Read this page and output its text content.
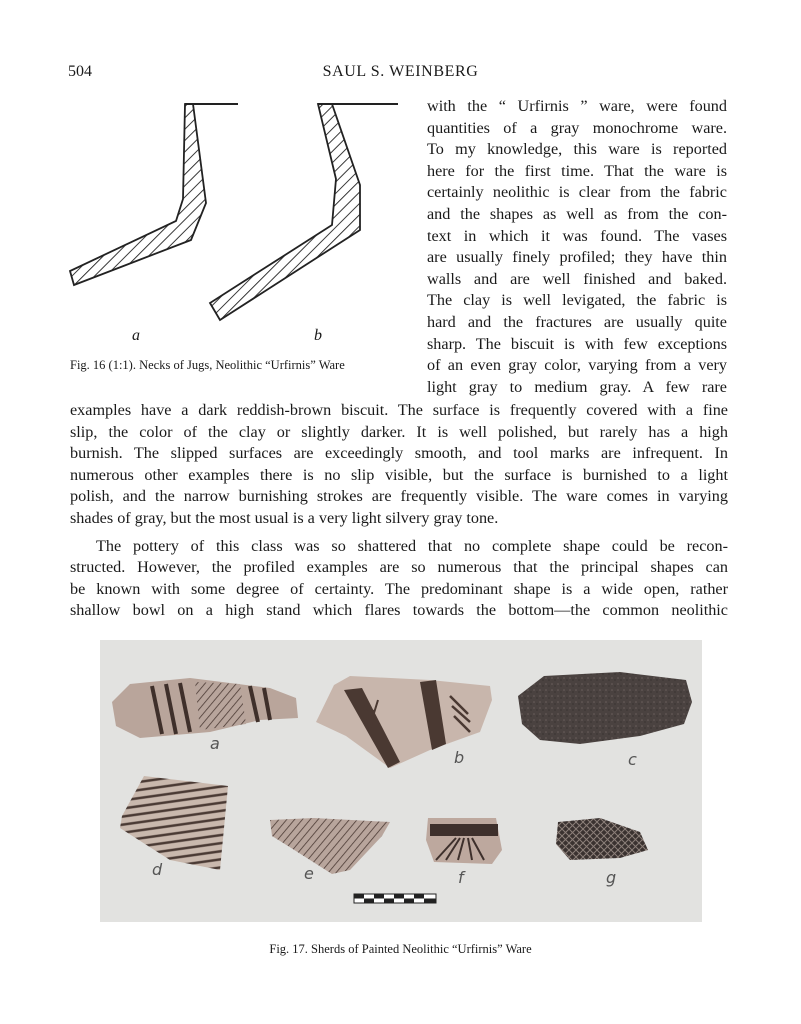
504	SAUL S. WEINBERG
a	b
Fig. 16 (1:1). Necks of Jugs, Neolithic “Urfirnis” Ware
with the “ Urfirnis ” ware, were found
quantities of a gray monochrome ware.
To my knowledge, this ware is reported
here for the first time. That the ware is
certainly neolithic is clear from the fabric
and the shapes as well as from the con-
text in which it was found. The vases
are usually finely profiled; they have thin
walls and are well finished and baked.
The clay is well levigated, the fabric is
hard and the fractures are usually quite
sharp. The biscuit is with few exceptions
of an even gray color, varying from a very
light gray to medium gray. A few rare
examples have a dark reddish-brown biscuit. The surface is frequently covered with a fine
slip, the color of the clay or slightly darker. It is well polished, but rarely has a high
burnish. The slipped surfaces are exceedingly smooth, and tool marks are infrequent. In
numerous other examples there is no slip visible, but the surface is burnished to a light
polish, and the narrow burnishing strokes are frequently visible. The ware comes in varying
shades of gray, but the most usual is a very light silvery gray tone.
The pottery of this class was so shattered that no complete shape could be recon-
structed. However, the profiled examples are so numerous that the principal shapes can
be known with some degree of certainty. The predominant shape is a wide open, rather
shallow bowl on a high stand which flares towards the bottom—the common neolithic
a
b	c
d	e	f	g
Fig. 17. Sherds of Painted Neolithic “Urfirnis” Ware
